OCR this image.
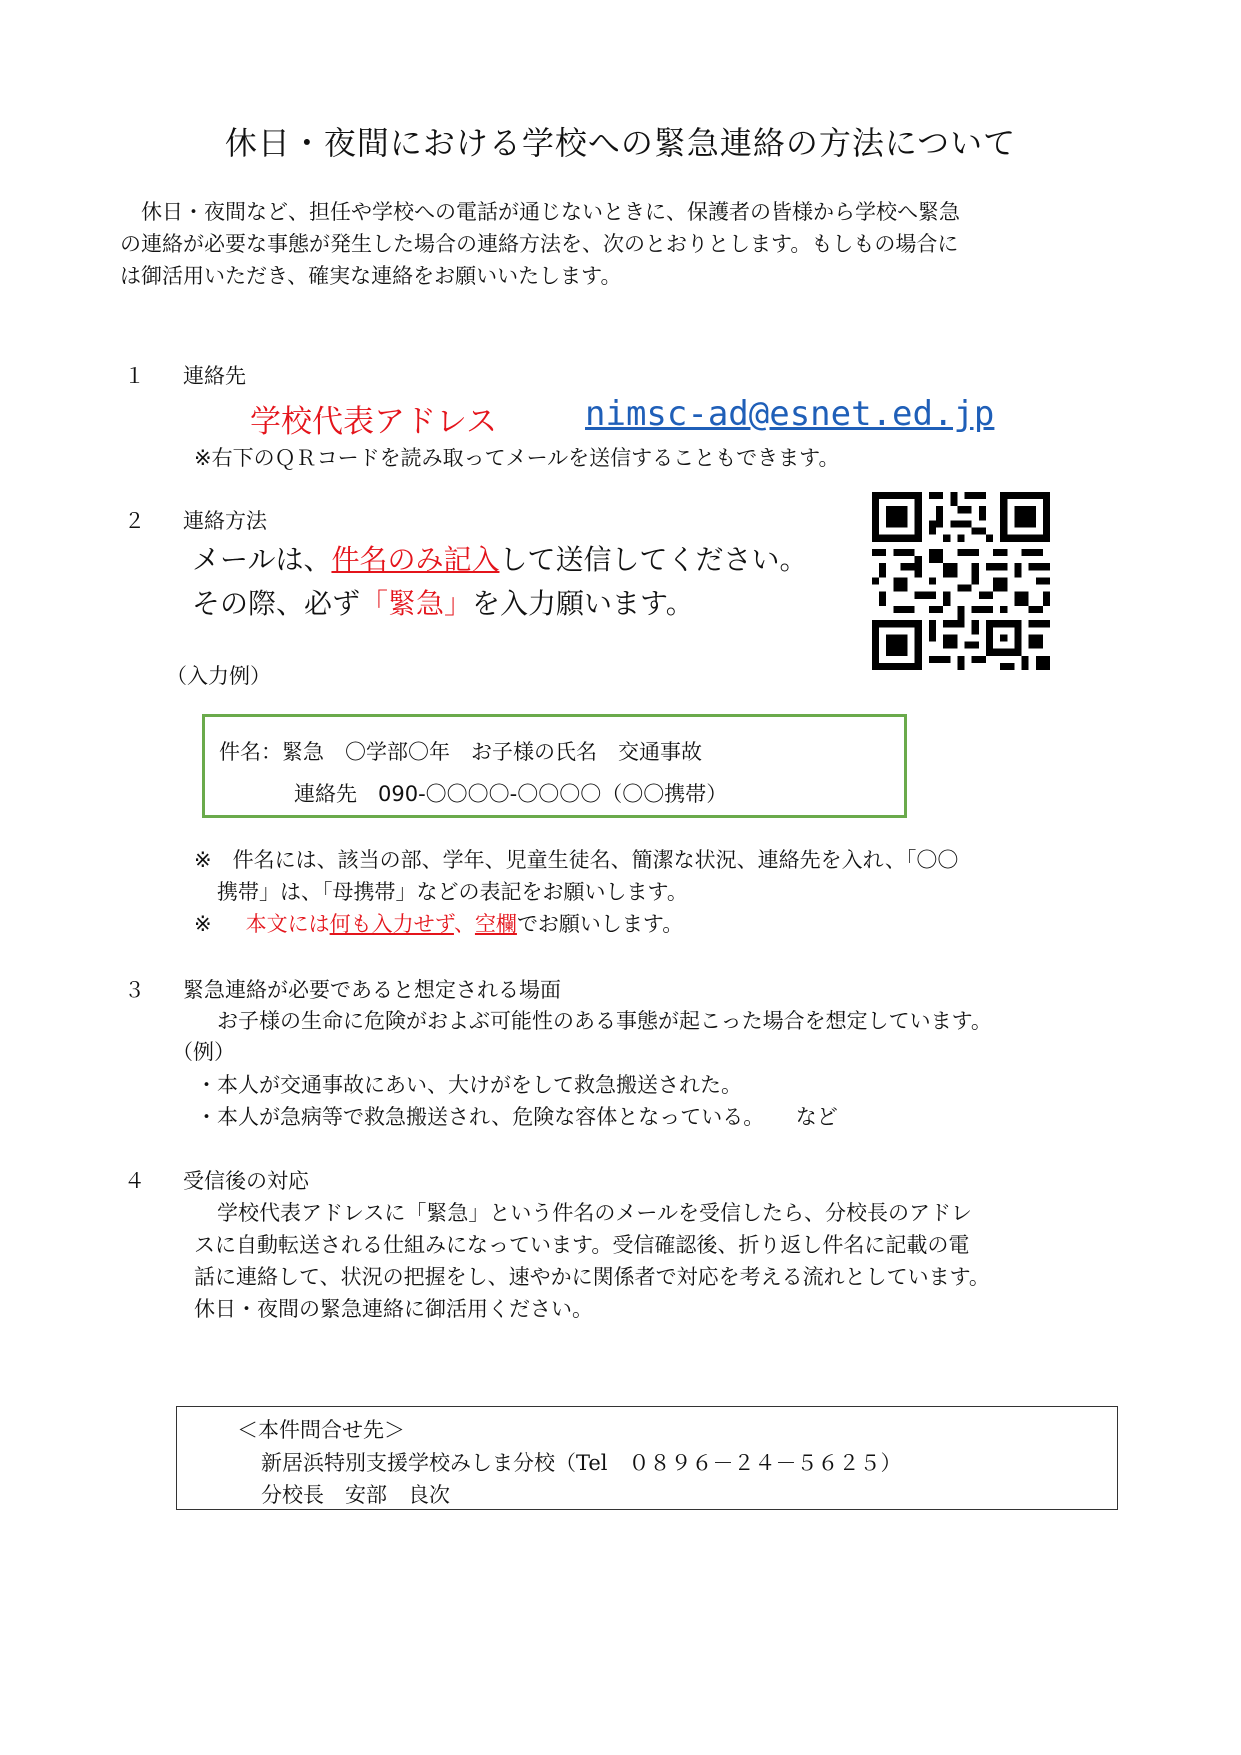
休日・夜間における学校への緊急連絡の方法について

休日・夜間など、担任や学校への電話が通じないときに、保護者の皆様から学校へ緊急

の連絡が必要な事態が発生した場合の連絡方法を、次のとおりとします。もしもの場合に

は御活用いただき、確実な連絡をお願いいたします。

１ 連絡先
学校代表アドレス	nimsc-ad@esnet.ed.jp
※右下のＱＲコードを読み取ってメールを送信することもできます。
２ 連絡方法
メールは、件名のみ記入して送信してください。
その際、必ず「緊急」を入力願います。
（入力例）
件名：緊急　〇学部〇年　お子様の氏名　交通事故
連絡先　090-〇〇〇〇-〇〇〇〇（〇〇携帯）
※　件名には、該当の部、学年、児童生徒名、簡潔な状況、連絡先を入れ、「〇〇
携帯」は、「母携帯」などの表記をお願いします。
※ 本文には何も入力せず、空欄でお願いします。
３ 緊急連絡が必要であると想定される場面
お子様の生命に危険がおよぶ可能性のある事態が起こった場合を想定しています。
（例）
・本人が交通事故にあい、大けがをして救急搬送された。
・本人が急病等で救急搬送され、危険な容体となっている。　　など
４ 受信後の対応
学校代表アドレスに「緊急」という件名のメールを受信したら、分校長のアドレ
スに自動転送される仕組みになっています。受信確認後、折り返し件名に記載の電
話に連絡して、状況の把握をし、速やかに関係者で対応を考える流れとしています。
休日・夜間の緊急連絡に御活用ください。
＜本件問合せ先＞
新居浜特別支援学校みしま分校（Tel　０８９６－２４－５６２５）
分校長　安部　良次
